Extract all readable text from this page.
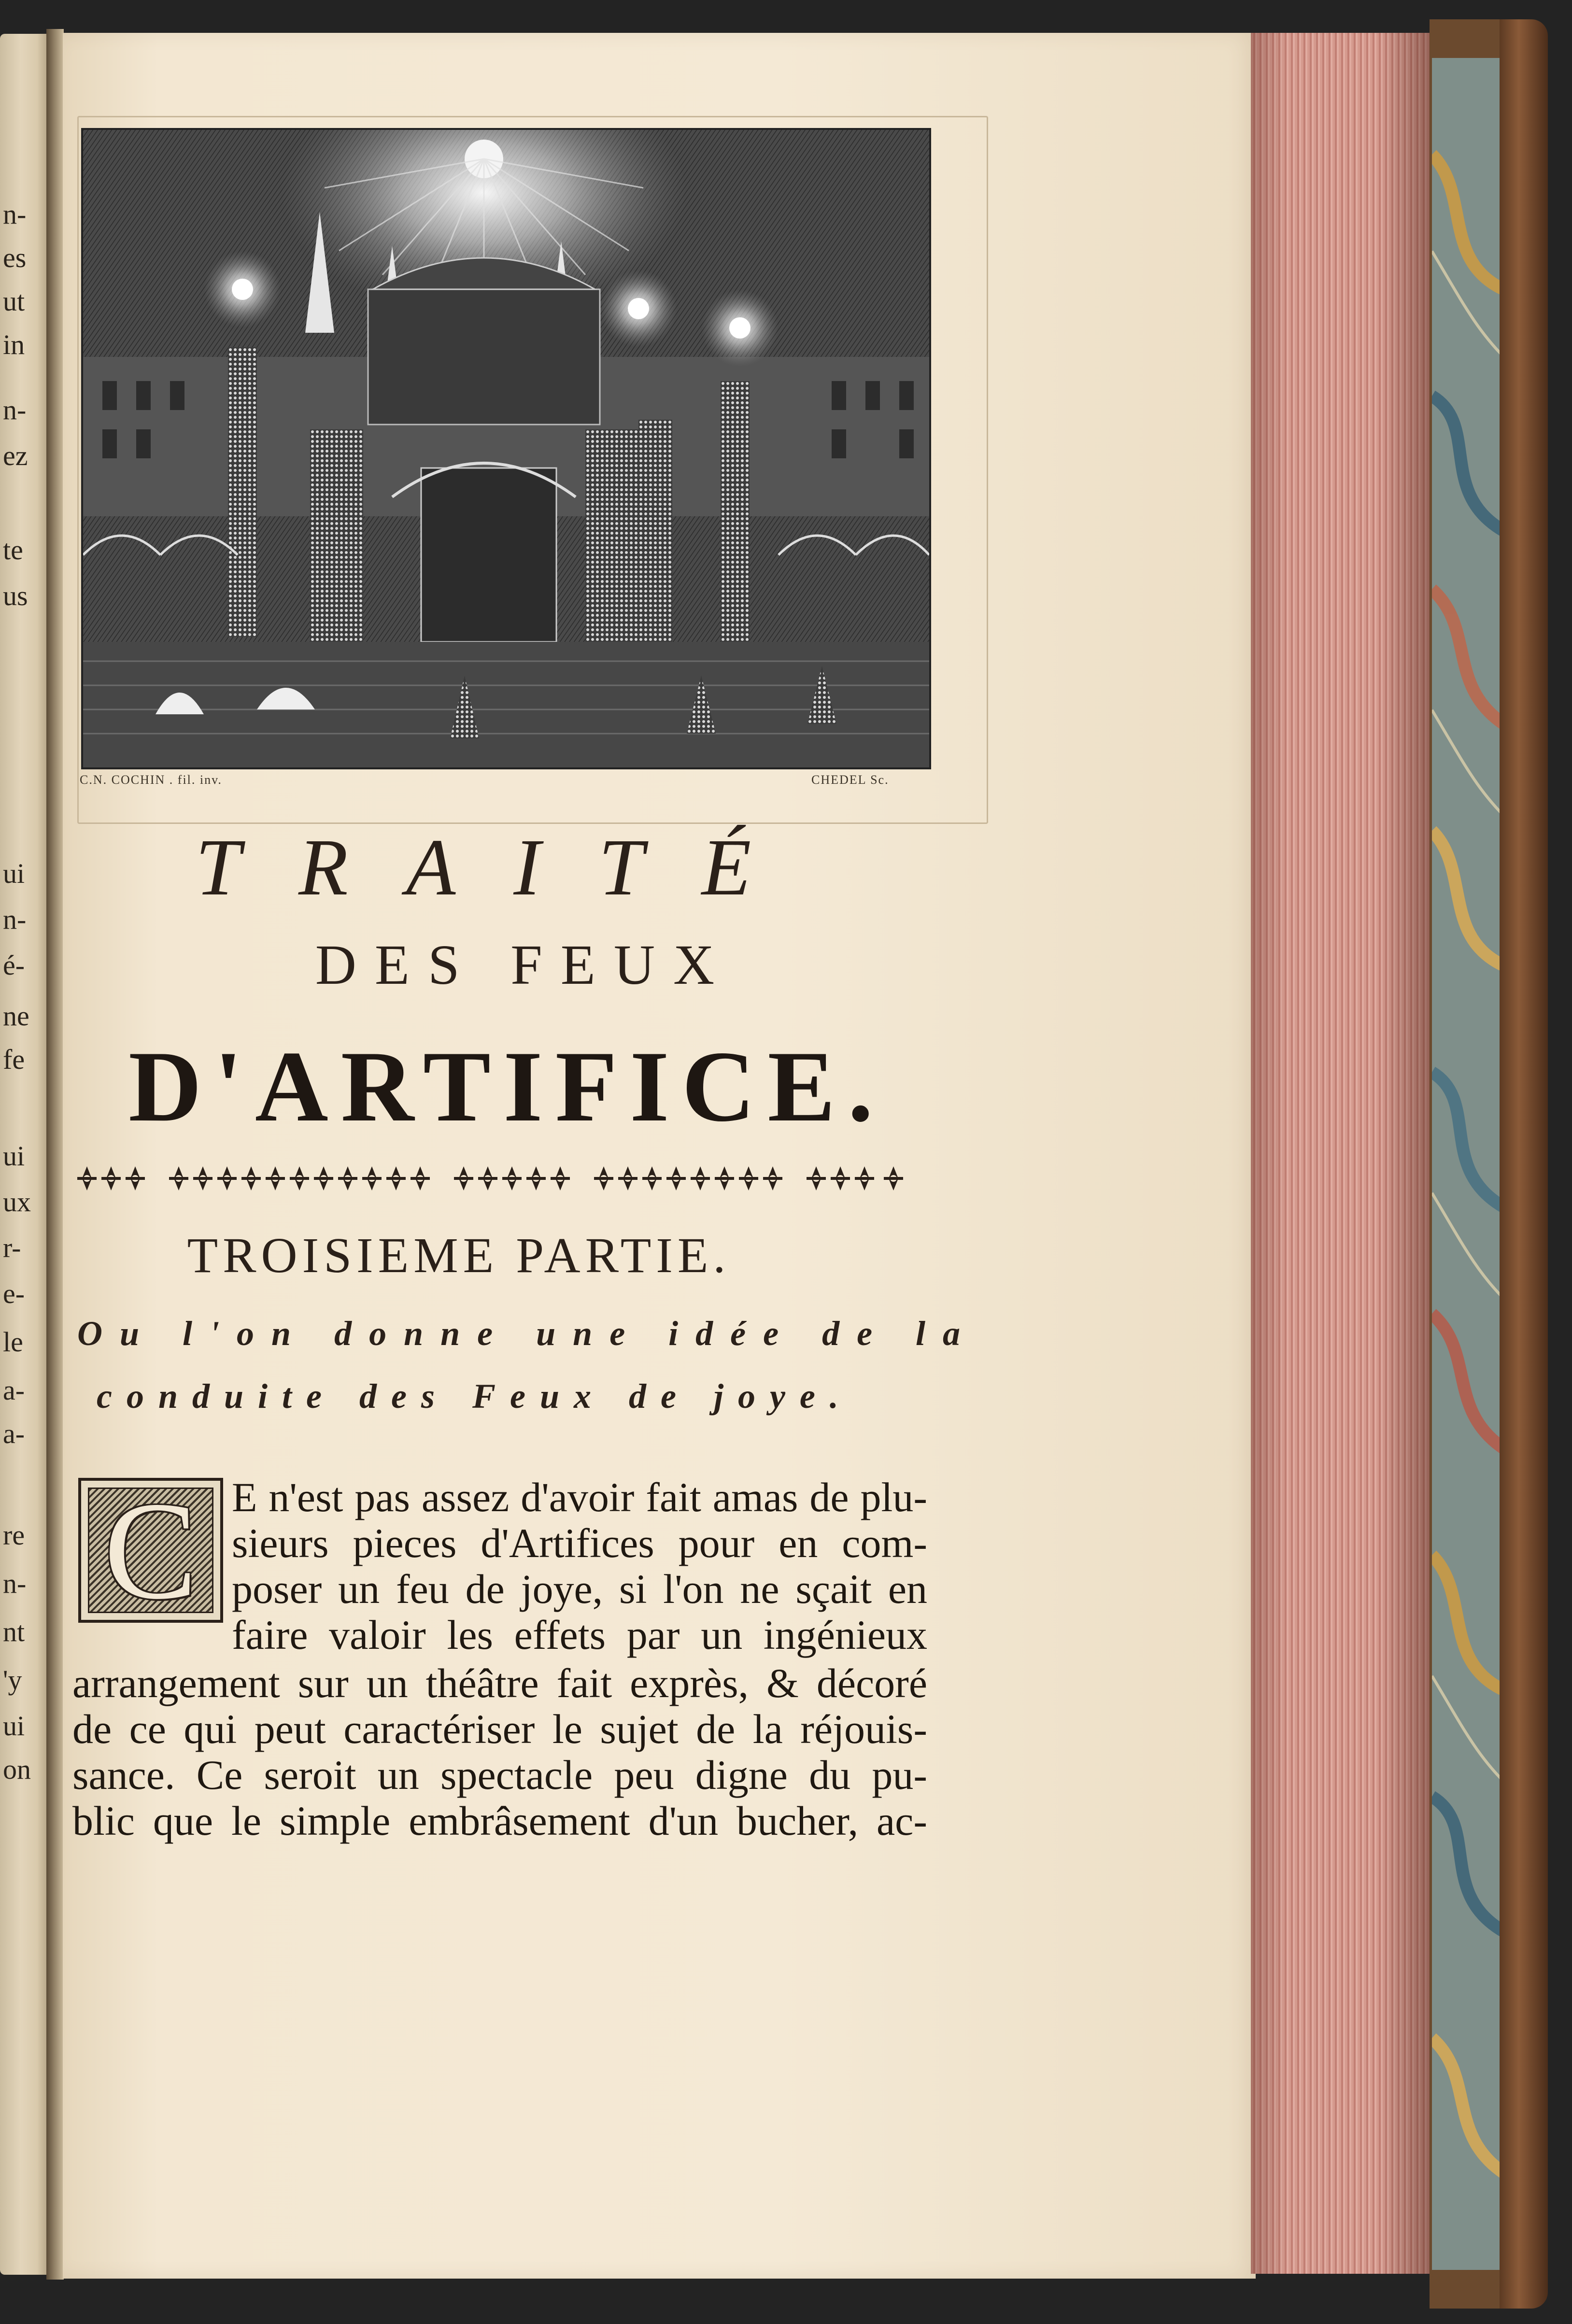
n-
es
ut
in
n-
ez
te
us
ui
n-
é-
ne
fe
ui
ux
r-
e-
le
a-
a-
re
n-
nt
'y
ui
on
C.N. COCHIN . fil. inv.	CHEDEL Sc.
TRAITÉ
DES FEUX
D'ARTIFICE.
TROISIEME PARTIE.
Ou l'on donne une idée de la
conduite des Feux de joye.
C E n'est pas assez d'avoir fait amas de plu-
sieurs pieces d'Artifices pour en com-
poser un feu de joye, si l'on ne sçait en
faire valoir les effets par un ingénieux
arrangement sur un théâtre fait exprès, & décoré
de ce qui peut caractériser le sujet de la réjouis-
sance. Ce seroit un spectacle peu digne du pu-
blic que le simple embrâsement d'un bucher, ac-
